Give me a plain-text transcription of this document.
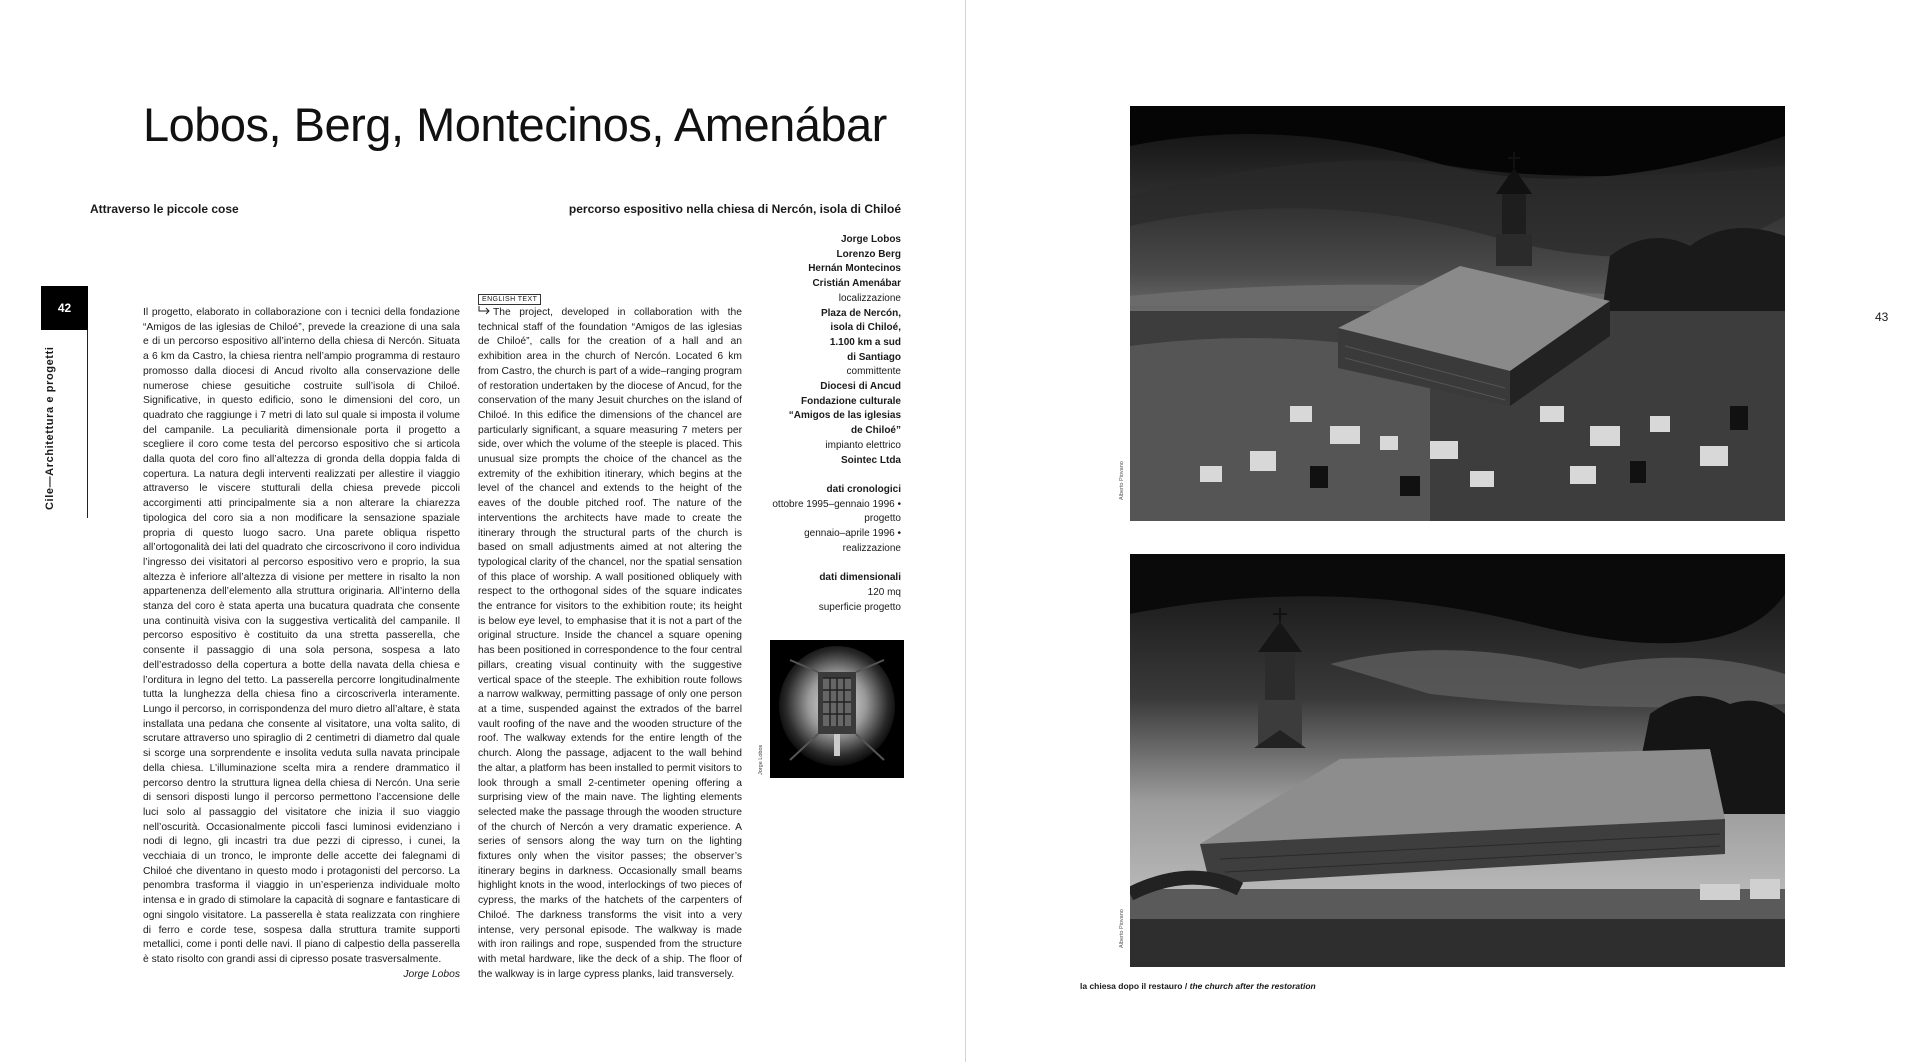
Lobos, Berg, Montecinos, Amenábar
Attraverso le piccole cose	percorso espositivo nella chiesa di Nercón, isola di Chiloé
42
Cile—Architettura e progetti
Il progetto, elaborato in collaborazione con i tecnici della fondazione “Amigos de las iglesias de Chiloé”, prevede la creazione di una sala e di un percorso espositivo all’interno della chiesa di Nercón. Situata a 6 km da Castro, la chiesa rientra nell’ampio programma di restauro promosso dalla diocesi di Ancud rivolto alla conservazione delle numerose chiese gesuitiche costruite sull’isola di Chiloé. Significative, in questo edificio, sono le dimensioni del coro, un quadrato che raggiunge i 7 metri di lato sul quale si imposta il volume del campanile. La peculiarità dimensionale porta il progetto a scegliere il coro come testa del percorso espositivo che si articola dalla quota del coro fino all’altezza di gronda della doppia falda di copertura. La natura degli interventi realizzati per allestire il viaggio attraverso le viscere stutturali della chiesa prevede piccoli accorgimenti atti principalmente sia a non alterare la chiarezza tipologica del coro sia a non modificare la sensazione spaziale propria di questo luogo sacro. Una parete obliqua rispetto all’ortogonalità dei lati del quadrato che circoscrivono il coro individua l’ingresso dei visitatori al percorso espositivo vero e proprio, la sua altezza è inferiore all’altezza di visione per mettere in risalto la non appartenenza dell’elemento alla struttura originaria. All’interno della stanza del coro è stata aperta una bucatura quadrata che consente una continuità visiva con la suggestiva verticalità del campanile. Il percorso espositivo è costituito da una stretta passerella, che consente il passaggio di una sola persona, sospesa a lato dell’estradosso della copertura a botte della navata della chiesa e l’orditura in legno del tetto. La passerella percorre longitudinalmente tutta la lunghezza della chiesa fino a circoscriverla interamente. Lungo il percorso, in corrispondenza del muro dietro all’altare, è stata installata una pedana che consente al visitatore, una volta salito, di scrutare attraverso uno spiraglio di 2 centimetri di diametro dal quale si scorge una sorprendente e insolita veduta sulla navata principale della chiesa. L’illuminazione scelta mira a rendere drammatico il percorso dentro la struttura lignea della chiesa di Nercón. Una serie di sensori disposti lungo il percorso permettono l’accensione delle luci solo al passaggio del visitatore che inizia il suo viaggio nell’oscurità. Occasionalmente piccoli fasci luminosi evidenziano i nodi di legno, gli incastri tra due pezzi di cipresso, i cunei, la vecchiaia di un tronco, le impronte delle accette dei falegnami di Chiloé che diventano in questo modo i protagonisti del percorso. La penombra trasforma il viaggio in un’esperienza individuale molto intensa e in grado di stimolare la capacità di sognare e fantasticare di ogni singolo visitatore. La passerella è stata realizzata con ringhiere di ferro e corde tese, sospesa dalla struttura tramite supporti metallici, come i ponti delle navi. Il piano di calpestio della passerella è stato risolto con grandi assi di cipresso posate trasversalmente.
Jorge Lobos
ENGLISH TEXT
The project, developed in collaboration with the technical staff of the foundation “Amigos de las iglesias de Chiloé”, calls for the creation of a hall and an exhibition area in the church of Nercón. Located 6 km from Castro, the church is part of a wide–ranging program of restoration undertaken by the diocese of Ancud, for the conservation of the many Jesuit churches on the island of Chiloé. In this edifice the dimensions of the chancel are particularly significant, a square measuring 7 meters per side, over which the volume of the steeple is placed. This unusual size prompts the choice of the chancel as the extremity of the exhibition itinerary, which begins at the level of the chancel and extends to the height of the eaves of the double pitched roof. The nature of the interventions the architects have made to create the itinerary through the structural parts of the church is based on small adjustments aimed at not altering the typological clarity of the chancel, nor the spatial sensation of this place of worship. A wall positioned obliquely with respect to the orthogonal sides of the square indicates the entrance for visitors to the exhibition route; its height is below eye level, to emphasise that it is not a part of the original structure. Inside the chancel a square opening has been positioned in correspondence to the four central pillars, creating visual continuity with the suggestive vertical space of the steeple. The exhibition route follows a narrow walkway, permitting passage of only one person at a time, suspended against the extrados of the barrel vault roofing of the nave and the wooden structure of the roof. The walkway extends for the entire length of the church. Along the passage, adjacent to the wall behind the altar, a platform has been installed to permit visitors to look through a small 2-centimeter opening offering a surprising view of the main nave. The lighting elements selected make the passage through the wooden structure of the church of Nercón a very dramatic experience. A series of sensors along the way turn on the lighting fixtures only when the visitor passes; the observer’s itinerary begins in darkness. Occasionally small beams highlight knots in the wood, interlockings of two pieces of cypress, the marks of the hatchets of the carpenters of Chiloé. The darkness transforms the visit into a very intense, very personal episode. The walkway is made with iron railings and rope, suspended from the structure with metal hardware, like the deck of a ship. The floor of the walkway is in large cypress planks, laid transversely.
Jorge Lobos
Lorenzo Berg
Hernán Montecinos
Cristián Amenábar
localizzazione
Plaza de Nercón,
isola di Chiloé,
1.100 km a sud
di Santiago
committente
Diocesi di Ancud
Fondazione culturale
“Amigos de las iglesias
de Chiloé”
impianto elettrico
Sointec Ltda
dati cronologici
ottobre 1995–gennaio 1996 •
progetto
gennaio–aprile 1996 •
realizzazione
dati dimensionali
120 mq
superficie progetto
Jorge Lobos
43
Alberto Piovano
Alberto Piovano
la chiesa dopo il restauro / the church after the restoration
